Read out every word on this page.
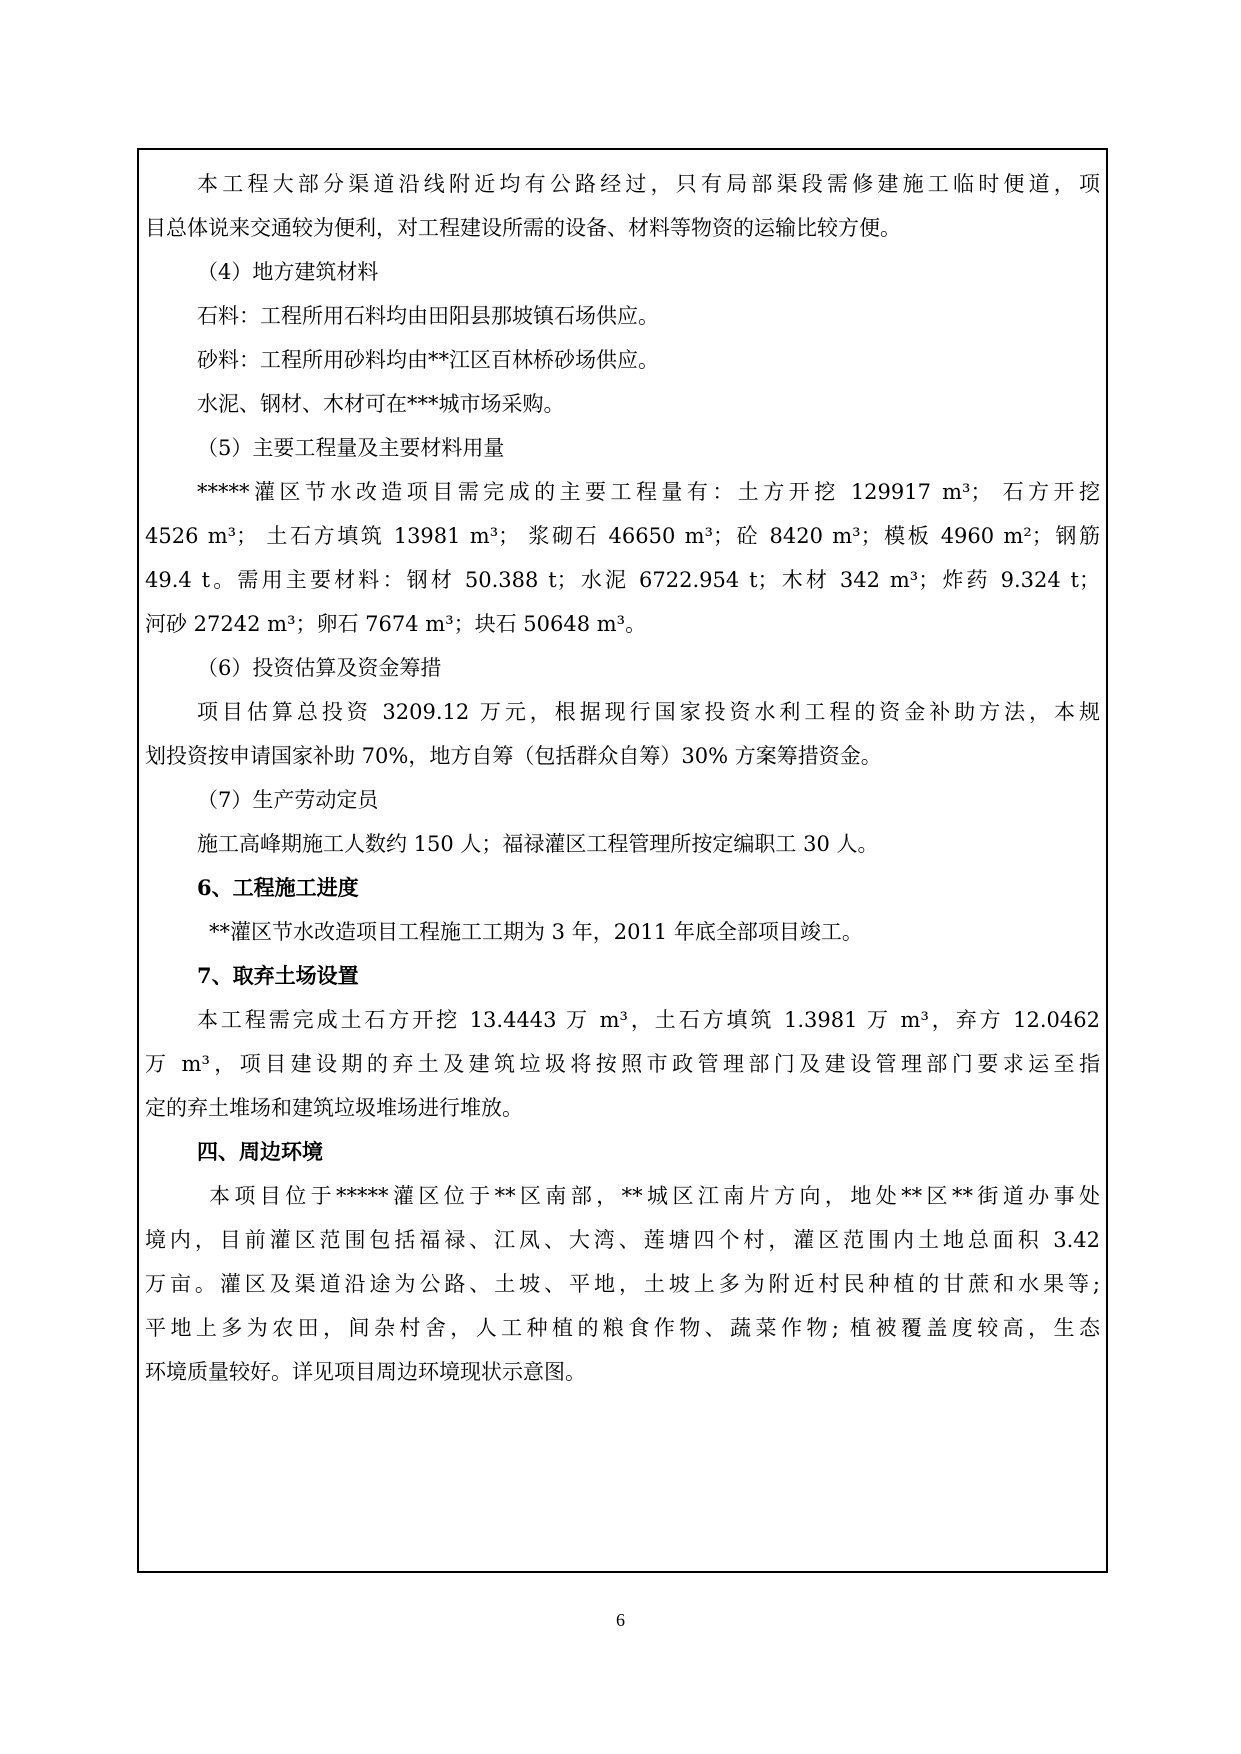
本工程大部分渠道沿线附近均有公路经过，只有局部渠段需修建施工临时便道，项
目总体说来交通较为便利，对工程建设所需的设备、材料等物资的运输比较方便。
（4）地方建筑材料
石料：工程所用石料均由田阳县那坡镇石场供应。
砂料：工程所用砂料均由**江区百林桥砂场供应。
水泥、钢材、木材可在***城市场采购。
（5）主要工程量及主要材料用量
*****灌区节水改造项目需完成的主要工程量有：土方开挖 129917 m³； 石方开挖
4526 m³； 土石方填筑 13981 m³； 浆砌石 46650 m³；砼 8420 m³；模板 4960 m²；钢筋
49.4 t。需用主要材料：钢材 50.388 t；水泥 6722.954 t；木材 342 m³；炸药 9.324 t；
河砂 27242 m³；卵石 7674 m³；块石 50648 m³。
（6）投资估算及资金筹措
项目估算总投资 3209.12 万元，根据现行国家投资水利工程的资金补助方法，本规
划投资按申请国家补助 70%，地方自筹（包括群众自筹）30% 方案筹措资金。
（7）生产劳动定员
施工高峰期施工人数约 150 人；福禄灌区工程管理所按定编职工 30 人。
6、工程施工进度
**灌区节水改造项目工程施工工期为 3 年，2011 年底全部项目竣工。
7、取弃土场设置
本工程需完成土石方开挖 13.4443 万 m³，土石方填筑 1.3981 万 m³，弃方 12.0462
万 m³，项目建设期的弃土及建筑垃圾将按照市政管理部门及建设管理部门要求运至指
定的弃土堆场和建筑垃圾堆场进行堆放。
四、周边环境
本项目位于*****灌区位于**区南部，**城区江南片方向，地处**区**街道办事处
境内，目前灌区范围包括福禄、江凤、大湾、莲塘四个村，灌区范围内土地总面积 3.42
万亩。灌区及渠道沿途为公路、土坡、平地，土坡上多为附近村民种植的甘蔗和水果等;
平地上多为农田，间杂村舍，人工种植的粮食作物、蔬菜作物; 植被覆盖度较高，生态
环境质量较好。详见项目周边环境现状示意图。
6
